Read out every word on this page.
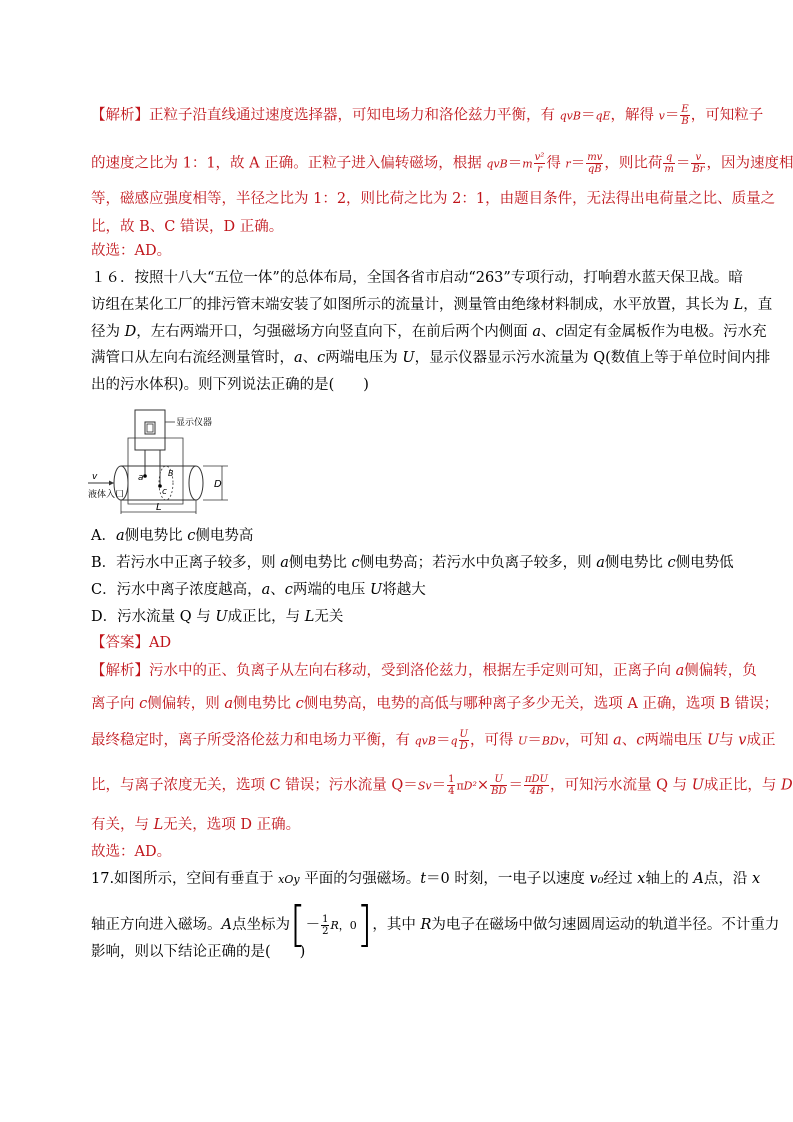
【解析】正粒子沿直线通过速度选择器，可知电场力和洛伦兹力平衡，有 qvB＝qE，解得 $v= \frac{E}{B}$ ，可知粒子
的速度之比为 1：1，故 A 正确。正粒子进入偏转磁场，根据 $qvB=m \frac{\text{v²}}{r}$ 得 $r= \frac{mv}{qB}$ ，则比荷 $\frac{q}{m} = \frac{v}{Br}$ ，因为速度相
等，磁感应强度相等，半径之比为 1：2，则比荷之比为 2：1，由题目条件，无法得出电荷量之比、质量之
比，故 B、C 错误，D 正确。
故选：AD。
１６．按照十八大“五位一体”的总体布局，全国各省市启动“263”专项行动，打响碧水蓝天保卫战。暗
访组在某化工厂的排污管末端安装了如图所示的流量计，测量管由绝缘材料制成，水平放置，其长为 L，直
径为 D，左右两端开口，匀强磁场方向竖直向下，在前后两个内侧面 a、c固定有金属板作为电极。污水充
满管口从左向右流经测量管时，a、c两端电压为 U，显示仪器显示污水流量为 Q(数值上等于单位时间内排
出的污水体积)。则下列说法正确的是(　　)
显示仪器
a
c
B
v
液体入口
D
L
A．a侧电势比 c侧电势高
B．若污水中正离子较多，则 a侧电势比 c侧电势高；若污水中负离子较多，则 a侧电势比 c侧电势低
C．污水中离子浓度越高，a、c两端的电压 U将越大
D．污水流量 Q 与 U成正比，与 L无关
【答案】AD
【解析】污水中的正、负离子从左向右移动，受到洛伦兹力，根据左手定则可知，正离子向 a侧偏转，负
离子向 c侧偏转，则 a侧电势比 c侧电势高，电势的高低与哪种离子多少无关，选项 A 正确，选项 B 错误；
最终稳定时，离子所受洛伦兹力和电场力平衡，有 $qvB=q \frac{U}{D}$ ，可得 U＝BDv，可知 a、c两端电压 U与 v成正
比，与离子浓度无关，选项 C 错误；污水流量 $Q=Sv= \frac{1}{4} \pi D^2\times \frac{U}{BD} = \frac{\text{πDU}}{4B}$ ，可知污水流量 Q 与 U成正比，与 D
有关，与 L无关，选项 D 正确。
故选：AD。
17.如图所示，空间有垂直于 xOy 平面的匀强磁场。t＝0 时刻，一电子以速度 v₀经过 x轴上的 A点，沿 x
轴正方向进入磁场。A点坐标为[－ $\frac{1}{2}$ R，0]，其中 R为电子在磁场中做匀速圆周运动的轨道半径。不计重力
影响，则以下结论正确的是(　　)
